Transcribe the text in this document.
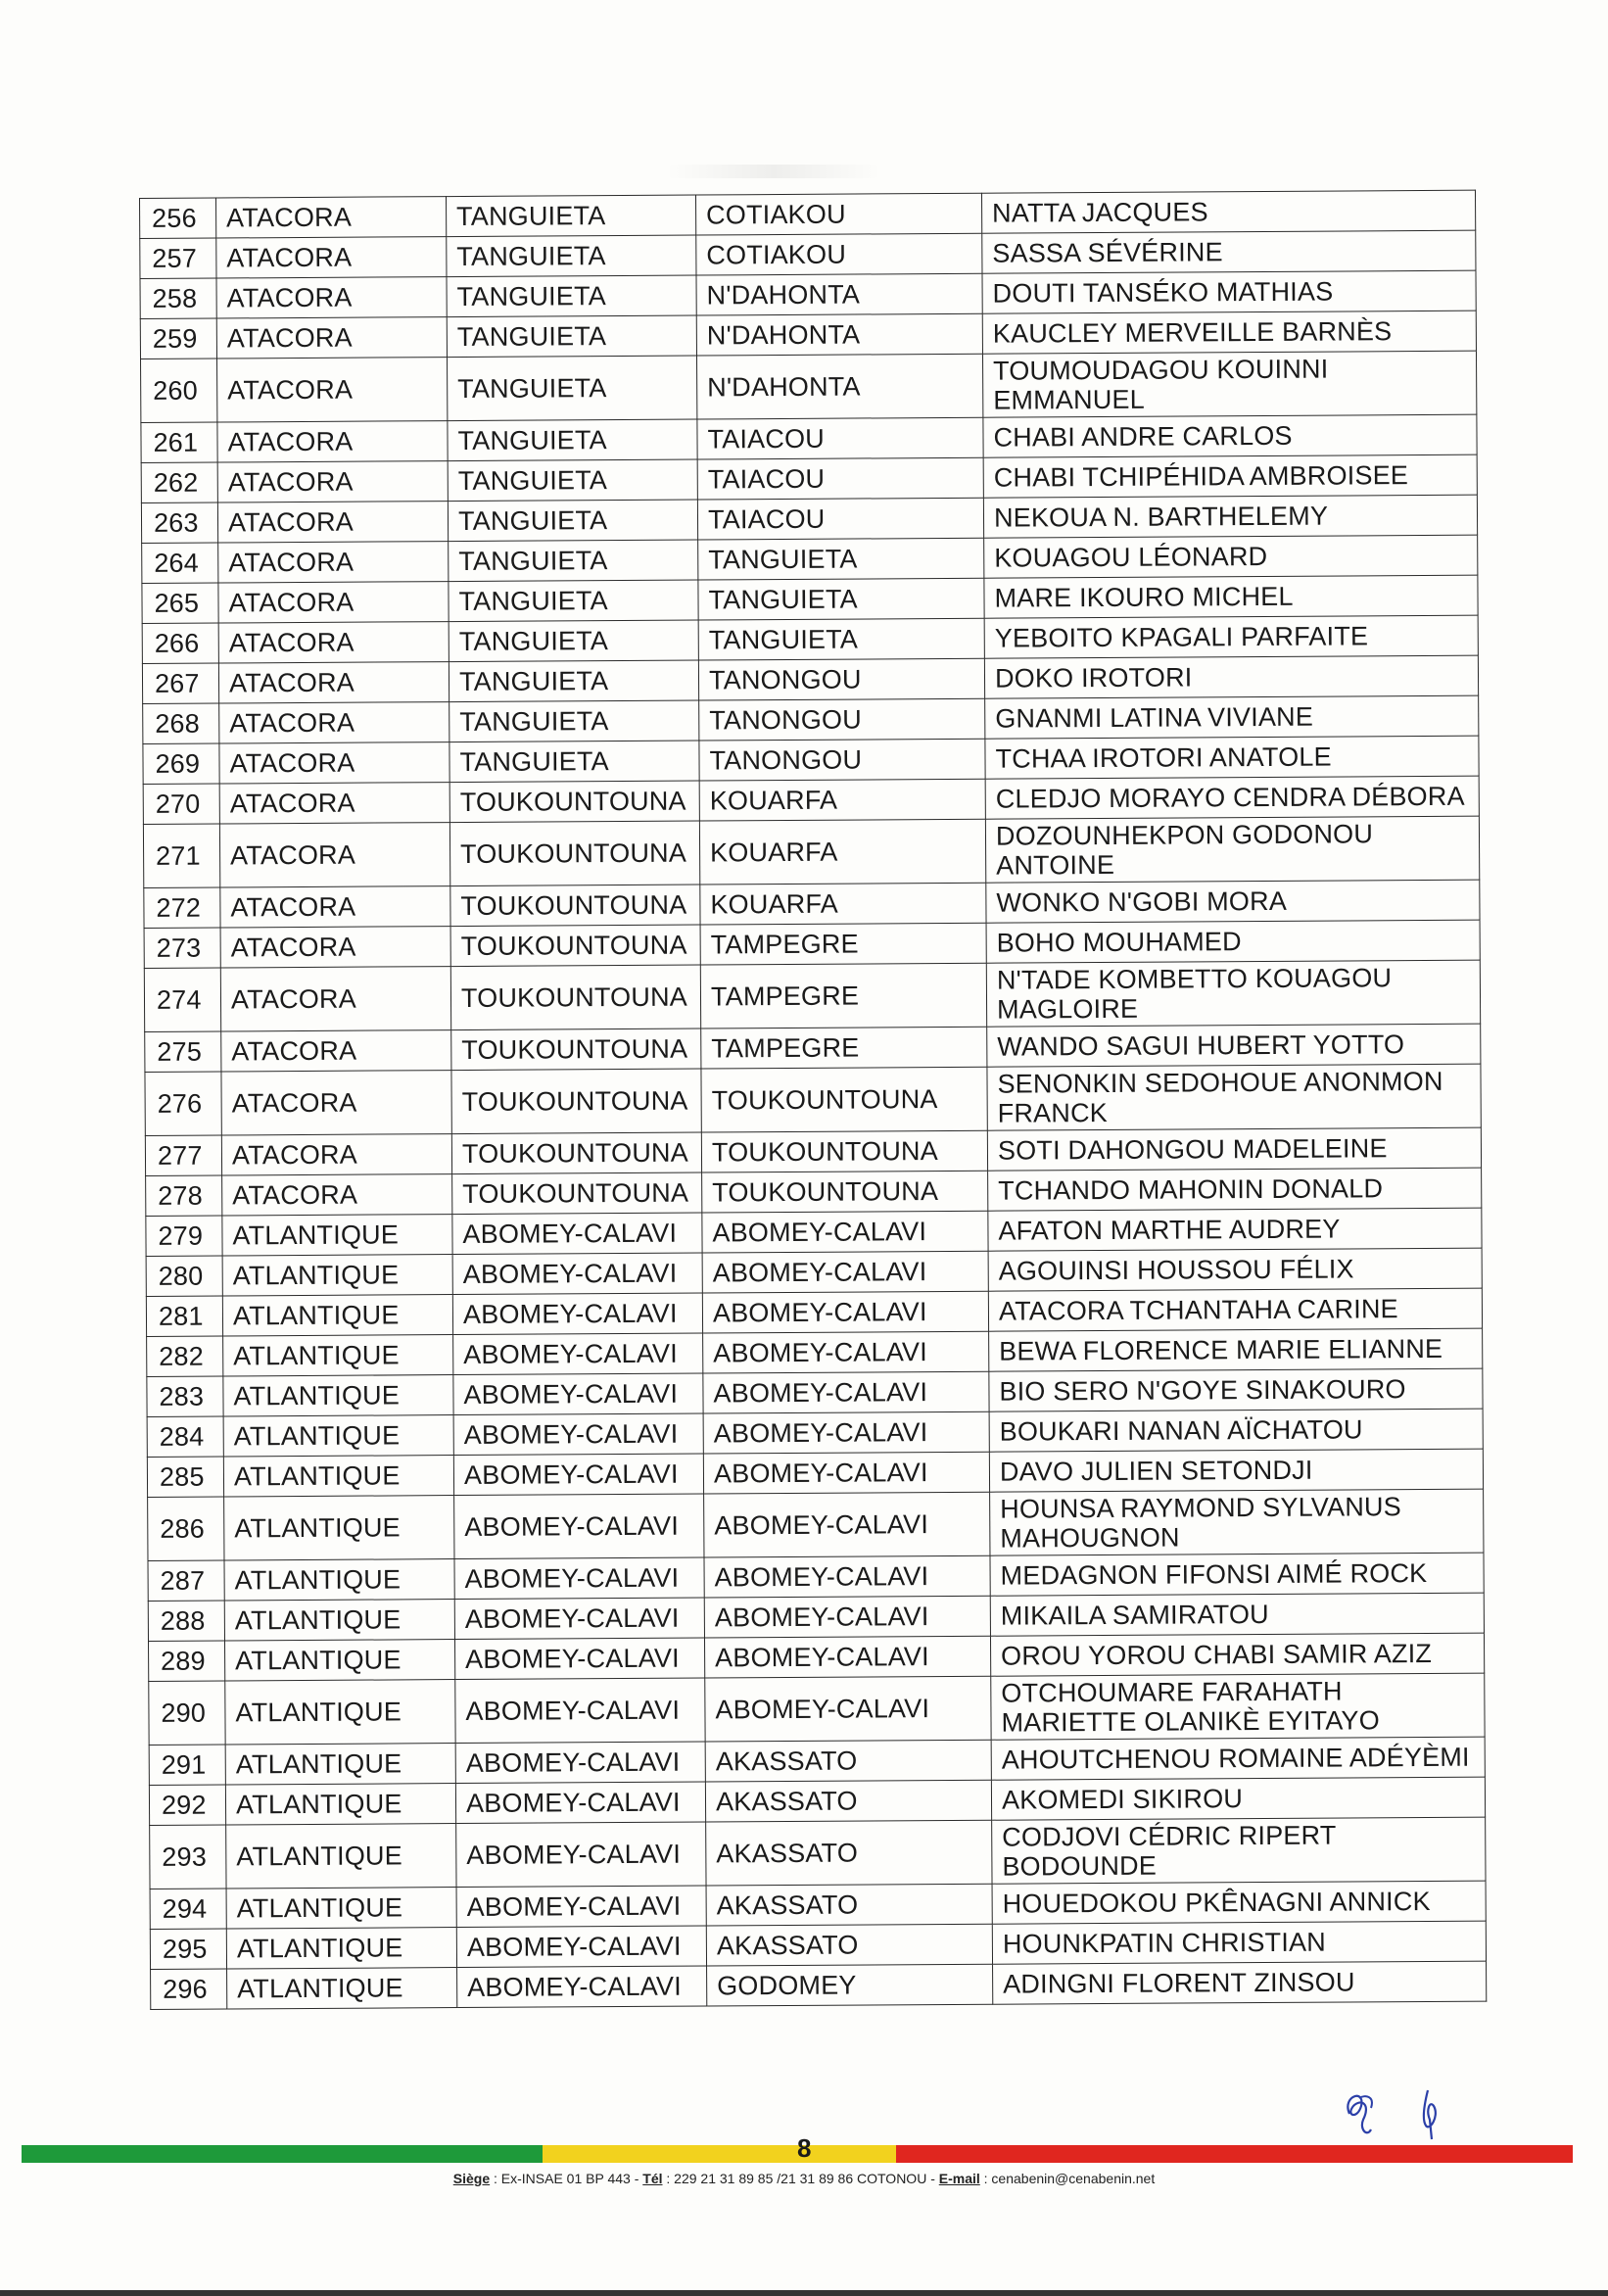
256	ATACORA	TANGUIETA	COTIAKOU	NATTA JACQUES
257	ATACORA	TANGUIETA	COTIAKOU	SASSA SÉVÉRINE
258	ATACORA	TANGUIETA	N'DAHONTA	DOUTI TANSÉKO MATHIAS
259	ATACORA	TANGUIETA	N'DAHONTA	KAUCLEY MERVEILLE BARNÈS
260	ATACORA	TANGUIETA	N'DAHONTA	TOUMOUDAGOU KOUINNI EMMANUEL
261	ATACORA	TANGUIETA	TAIACOU	CHABI ANDRE CARLOS
262	ATACORA	TANGUIETA	TAIACOU	CHABI TCHIPÉHIDA AMBROISEE
263	ATACORA	TANGUIETA	TAIACOU	NEKOUA N. BARTHELEMY
264	ATACORA	TANGUIETA	TANGUIETA	KOUAGOU LÉONARD
265	ATACORA	TANGUIETA	TANGUIETA	MARE IKOURO MICHEL
266	ATACORA	TANGUIETA	TANGUIETA	YEBOITO KPAGALI PARFAITE
267	ATACORA	TANGUIETA	TANONGOU	DOKO IROTORI
268	ATACORA	TANGUIETA	TANONGOU	GNANMI LATINA VIVIANE
269	ATACORA	TANGUIETA	TANONGOU	TCHAA IROTORI ANATOLE
270	ATACORA	TOUKOUNTOUNA	KOUARFA	CLEDJO MORAYO CENDRA DÉBORA
271	ATACORA	TOUKOUNTOUNA	KOUARFA	DOZOUNHEKPON GODONOU ANTOINE
272	ATACORA	TOUKOUNTOUNA	KOUARFA	WONKO N'GOBI MORA
273	ATACORA	TOUKOUNTOUNA	TAMPEGRE	BOHO MOUHAMED
274	ATACORA	TOUKOUNTOUNA	TAMPEGRE	N'TADE KOMBETTO KOUAGOU MAGLOIRE
275	ATACORA	TOUKOUNTOUNA	TAMPEGRE	WANDO SAGUI HUBERT YOTTO
276	ATACORA	TOUKOUNTOUNA	TOUKOUNTOUNA	SENONKIN SEDOHOUE ANONMON FRANCK
277	ATACORA	TOUKOUNTOUNA	TOUKOUNTOUNA	SOTI DAHONGOU MADELEINE
278	ATACORA	TOUKOUNTOUNA	TOUKOUNTOUNA	TCHANDO MAHONIN DONALD
279	ATLANTIQUE	ABOMEY-CALAVI	ABOMEY-CALAVI	AFATON MARTHE AUDREY
280	ATLANTIQUE	ABOMEY-CALAVI	ABOMEY-CALAVI	AGOUINSI HOUSSOU FÉLIX
281	ATLANTIQUE	ABOMEY-CALAVI	ABOMEY-CALAVI	ATACORA TCHANTAHA CARINE
282	ATLANTIQUE	ABOMEY-CALAVI	ABOMEY-CALAVI	BEWA FLORENCE MARIE ELIANNE
283	ATLANTIQUE	ABOMEY-CALAVI	ABOMEY-CALAVI	BIO SERO N'GOYE SINAKOURO
284	ATLANTIQUE	ABOMEY-CALAVI	ABOMEY-CALAVI	BOUKARI NANAN AÏCHATOU
285	ATLANTIQUE	ABOMEY-CALAVI	ABOMEY-CALAVI	DAVO JULIEN SETONDJI
286	ATLANTIQUE	ABOMEY-CALAVI	ABOMEY-CALAVI	HOUNSA RAYMOND SYLVANUS MAHOUGNON
287	ATLANTIQUE	ABOMEY-CALAVI	ABOMEY-CALAVI	MEDAGNON FIFONSI AIMÉ ROCK
288	ATLANTIQUE	ABOMEY-CALAVI	ABOMEY-CALAVI	MIKAILA SAMIRATOU
289	ATLANTIQUE	ABOMEY-CALAVI	ABOMEY-CALAVI	OROU YOROU CHABI SAMIR AZIZ
290	ATLANTIQUE	ABOMEY-CALAVI	ABOMEY-CALAVI	OTCHOUMARE FARAHATH MARIETTE OLANIKÈ EYITAYO
291	ATLANTIQUE	ABOMEY-CALAVI	AKASSATO	AHOUTCHENOU ROMAINE ADÉYÈMI
292	ATLANTIQUE	ABOMEY-CALAVI	AKASSATO	AKOMEDI SIKIROU
293	ATLANTIQUE	ABOMEY-CALAVI	AKASSATO	CODJOVI CÉDRIC RIPERT BODOUNDE
294	ATLANTIQUE	ABOMEY-CALAVI	AKASSATO	HOUEDOKOU PKÊNAGNI ANNICK
295	ATLANTIQUE	ABOMEY-CALAVI	AKASSATO	HOUNKPATIN CHRISTIAN
296	ATLANTIQUE	ABOMEY-CALAVI	GODOMEY	ADINGNI FLORENT ZINSOU
8
Siège : Ex-INSAE 01 BP 443 - Tél : 229 21 31 89 85 /21 31 89 86 COTONOU - E-mail : cenabenin@cenabenin.net
